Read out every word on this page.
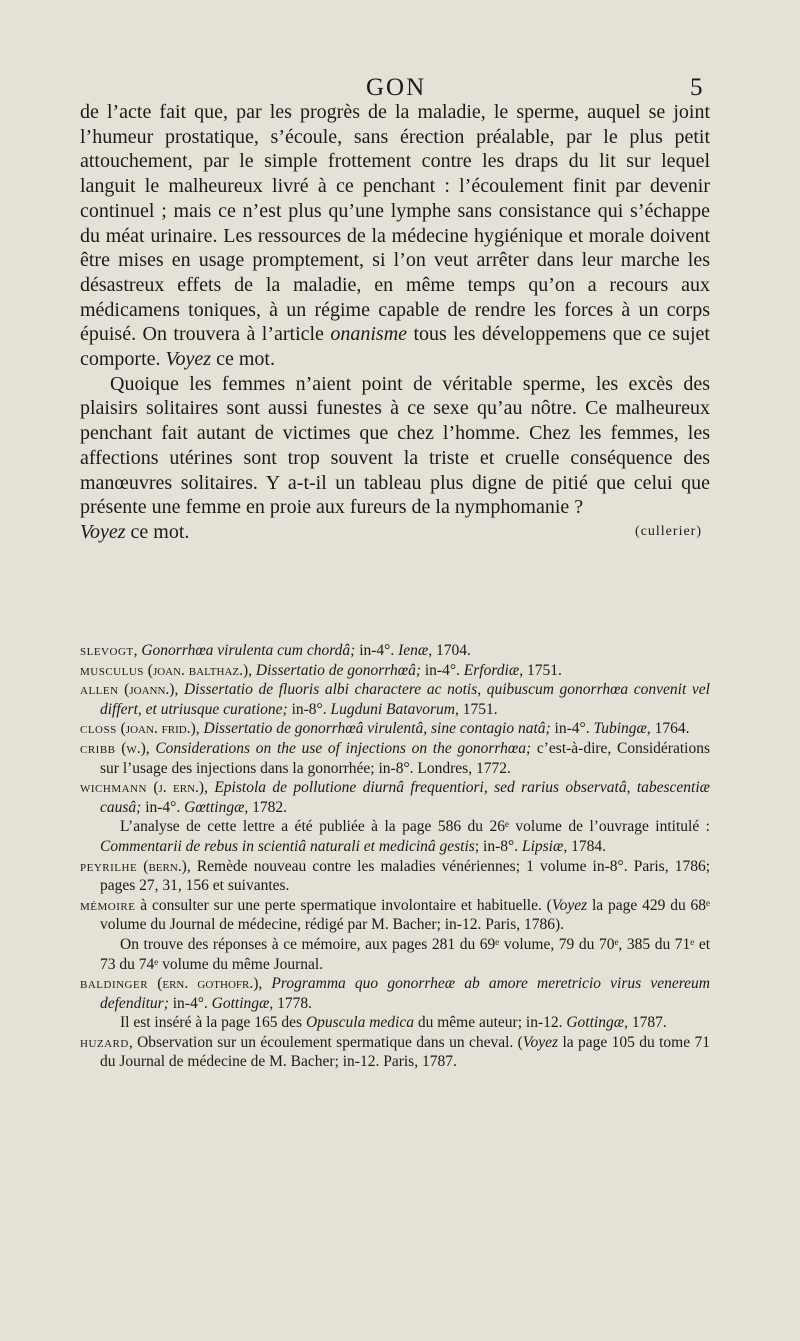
GON	5

de l’acte fait que, par les progrès de la maladie, le sperme, auquel se joint l’humeur prostatique, s’écoule, sans érection préalable, par le plus petit attouchement, par le simple frottement contre les draps du lit sur lequel languit le malheureux livré à ce penchant : l’écoulement finit par devenir continuel ; mais ce n’est plus qu’une lymphe sans consistance qui s’échappe du méat urinaire. Les ressources de la médecine hygiénique et morale doivent être mises en usage promptement, si l’on veut arrêter dans leur marche les désastreux effets de la maladie, en même temps qu’on a recours aux médicamens toniques, à un régime capable de rendre les forces à un corps épuisé. On trouvera à l’article onanisme tous les développemens que ce sujet comporte. Voyez ce mot.

Quoique les femmes n’aient point de véritable sperme, les excès des plaisirs solitaires sont aussi funestes à ce sexe qu’au nôtre. Ce malheureux penchant fait autant de victimes que chez l’homme. Chez les femmes, les affections utérines sont trop souvent la triste et cruelle conséquence des manœuvres solitaires. Y a-t-il un tableau plus digne de pitié que celui que présente une femme en proie aux fureurs de la nymphomanie ?

Voyez ce mot.	(cullerier)

slevogt, Gonorrhœa virulenta cum chordâ; in-4°. Ienæ, 1704.

musculus (joan. balthaz.), Dissertatio de gonorrhœâ; in-4°. Erfordiæ, 1751.

allen (joann.), Dissertatio de fluoris albi charactere ac notis, quibuscum gonorrhœa convenit vel differt, et utriusque curatione; in-8°. Lugduni Batavorum, 1751.

closs (joan. frid.), Dissertatio de gonorrhœâ virulentâ, sine contagio natâ; in-4°. Tubingæ, 1764.

cribb (w.), Considerations on the use of injections on the gonorrhœa; c’est-à-dire, Considérations sur l’usage des injections dans la gonorrhée; in-8°. Londres, 1772.

wichmann (j. ern.), Epistola de pollutione diurnâ frequentiori, sed rarius observatâ, tabescentiæ causâ; in-4°. Gœttingæ, 1782.

L’analyse de cette lettre a été publiée à la page 586 du 26ᵉ volume de l’ouvrage intitulé : Commentarii de rebus in scientiâ naturali et medicinâ gestis; in-8°. Lipsiæ, 1784.

peyrilhe (bern.), Remède nouveau contre les maladies vénériennes; 1 volume in-8°. Paris, 1786; pages 27, 31, 156 et suivantes.

mémoire à consulter sur une perte spermatique involontaire et habituelle. (Voyez la page 429 du 68ᵉ volume du Journal de médecine, rédigé par M. Bacher; in-12. Paris, 1786).

On trouve des réponses à ce mémoire, aux pages 281 du 69ᵉ volume, 79 du 70ᵉ, 385 du 71ᵉ et 73 du 74ᵉ volume du même Journal.

baldinger (ern. gothofr.), Programma quo gonorrheæ ab amore meretricio virus venereum defenditur; in-4°. Gottingæ, 1778.

Il est inséré à la page 165 des Opuscula medica du même auteur; in-12. Gottingæ, 1787.

huzard, Observation sur un écoulement spermatique dans un cheval. (Voyez la page 105 du tome 71 du Journal de médecine de M. Bacher; in-12. Paris, 1787.
